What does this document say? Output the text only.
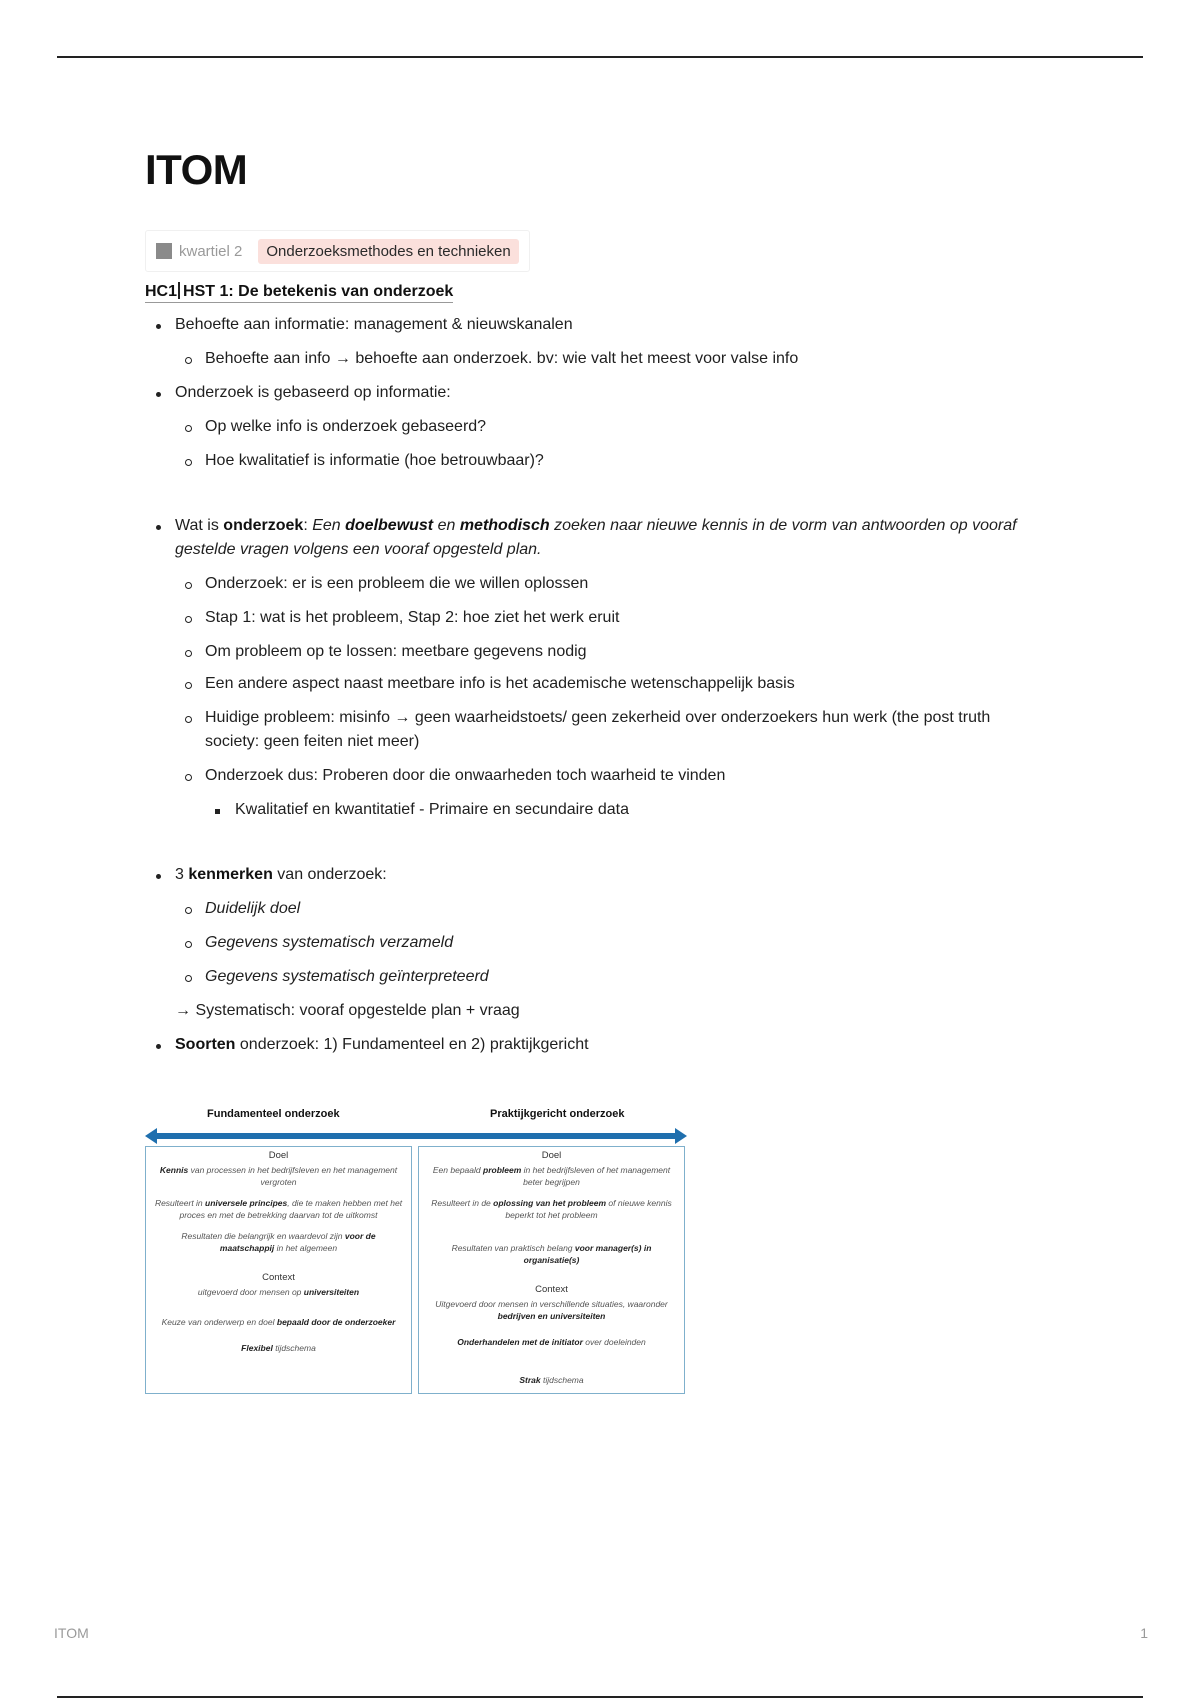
ITOM
kwartiel 2	Onderzoeksmethodes en technieken
HC1 HST 1: De betekenis van onderzoek
Behoefte aan informatie: management & nieuwskanalen
Behoefte aan info → behoefte aan onderzoek. bv: wie valt het meest voor valse info
Onderzoek is gebaseerd op informatie:
Op welke info is onderzoek gebaseerd?
Hoe kwalitatief is informatie (hoe betrouwbaar)?
Wat is onderzoek: Een doelbewust en methodisch zoeken naar nieuwe kennis in de vorm van antwoorden op vooraf gestelde vragen volgens een vooraf opgesteld plan.
Onderzoek: er is een probleem die we willen oplossen
Stap 1: wat is het probleem, Stap 2: hoe ziet het werk eruit
Om probleem op te lossen: meetbare gegevens nodig
Een andere aspect naast meetbare info is het academische wetenschappelijk basis
Huidige probleem: misinfo → geen waarheidstoets/ geen zekerheid over onderzoekers hun werk (the post truth society: geen feiten niet meer)
Onderzoek dus: Proberen door die onwaarheden toch waarheid te vinden
Kwalitatief en kwantitatief - Primaire en secundaire data
3 kenmerken van onderzoek:
Duidelijk doel
Gegevens systematisch verzameld
Gegevens systematisch geïnterpreteerd
→ Systematisch: vooraf opgestelde plan + vraag
Soorten onderzoek: 1) Fundamenteel en 2) praktijkgericht
Fundamenteel onderzoek	Praktijkgericht onderzoek
Doel

Kennis van processen in het bedrijfsleven en het management vergroten

Resulteert in universele principes, die te maken hebben met het proces en met de betrekking daarvan tot de uitkomst

Resultaten die belangrijk en waardevol zijn voor de maatschappij in het algemeen

Context

uitgevoerd door mensen op universiteiten

Keuze van onderwerp en doel bepaald door de onderzoeker

Flexibel tijdschema

Doel

Een bepaald probleem in het bedrijfsleven of het management beter begrijpen

Resulteert in de oplossing van het probleem of nieuwe kennis beperkt tot het probleem

Resultaten van praktisch belang voor manager(s) in organisatie(s)

Context

Uitgevoerd door mensen in verschillende situaties, waaronder bedrijven en universiteiten

Onderhandelen met de initiator over doeleinden

Strak tijdschema

ITOM	1
